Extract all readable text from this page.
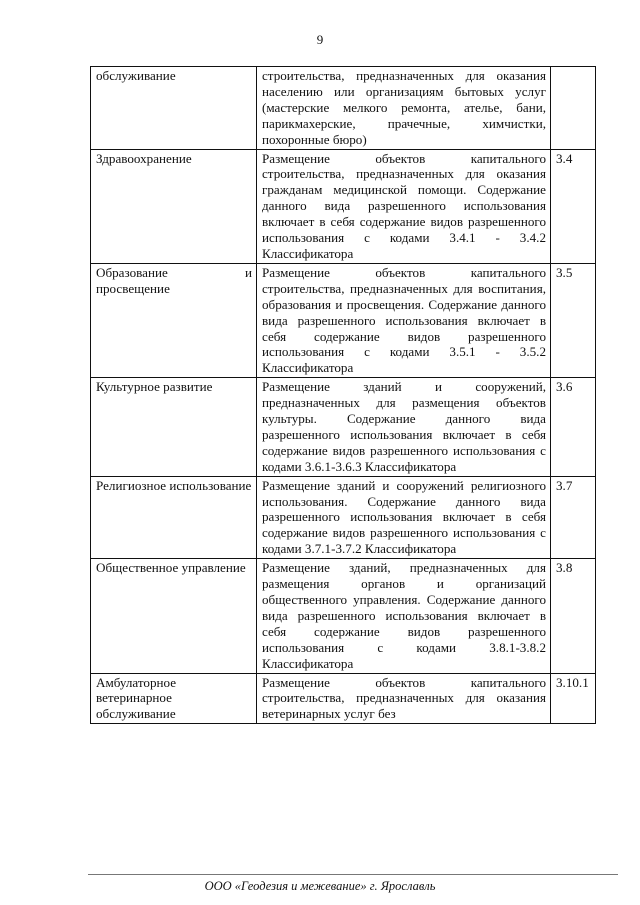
9
обслуживание	строительства, предназначенных для оказания населению или организациям бытовых услуг (мастерские мелкого ремонта, ателье, бани, парикмахерские, прачечные, химчистки, похоронные бюро)	
Здравоохранение	Размещение объектов капитального строительства, предназначенных для оказания гражданам медицинской помощи. Содержание данного вида разрешенного использования включает в себя содержание видов разрешенного использования с кодами 3.4.1 - 3.4.2 Классификатора	3.4
Образование и просвещение	Размещение объектов капитального строительства, предназначенных для воспитания, образования и просвещения. Содержание данного вида разрешенного использования включает в себя содержание видов разрешенного использования с кодами 3.5.1 - 3.5.2 Классификатора	3.5
Культурное развитие	Размещение зданий и сооружений, предназначенных для размещения объектов культуры. Содержание данного вида разрешенного использования включает в себя содержание видов разрешенного использования с кодами 3.6.1-3.6.3 Классификатора	3.6
Религиозное использование	Размещение зданий и сооружений религиозного использования. Содержание данного вида разрешенного использования включает в себя содержание видов разрешенного использования с кодами 3.7.1-3.7.2 Классификатора	3.7
Общественное управление	Размещение зданий, предназначенных для размещения органов и организаций общественного управления. Содержание данного вида разрешенного использования включает в себя содержание видов разрешенного использования с кодами 3.8.1-3.8.2 Классификатора	3.8
Амбулаторное ветеринарное обслуживание	Размещение объектов капитального строительства, предназначенных для оказания ветеринарных услуг без	3.10.1
ООО «Геодезия и межевание» г. Ярославль
